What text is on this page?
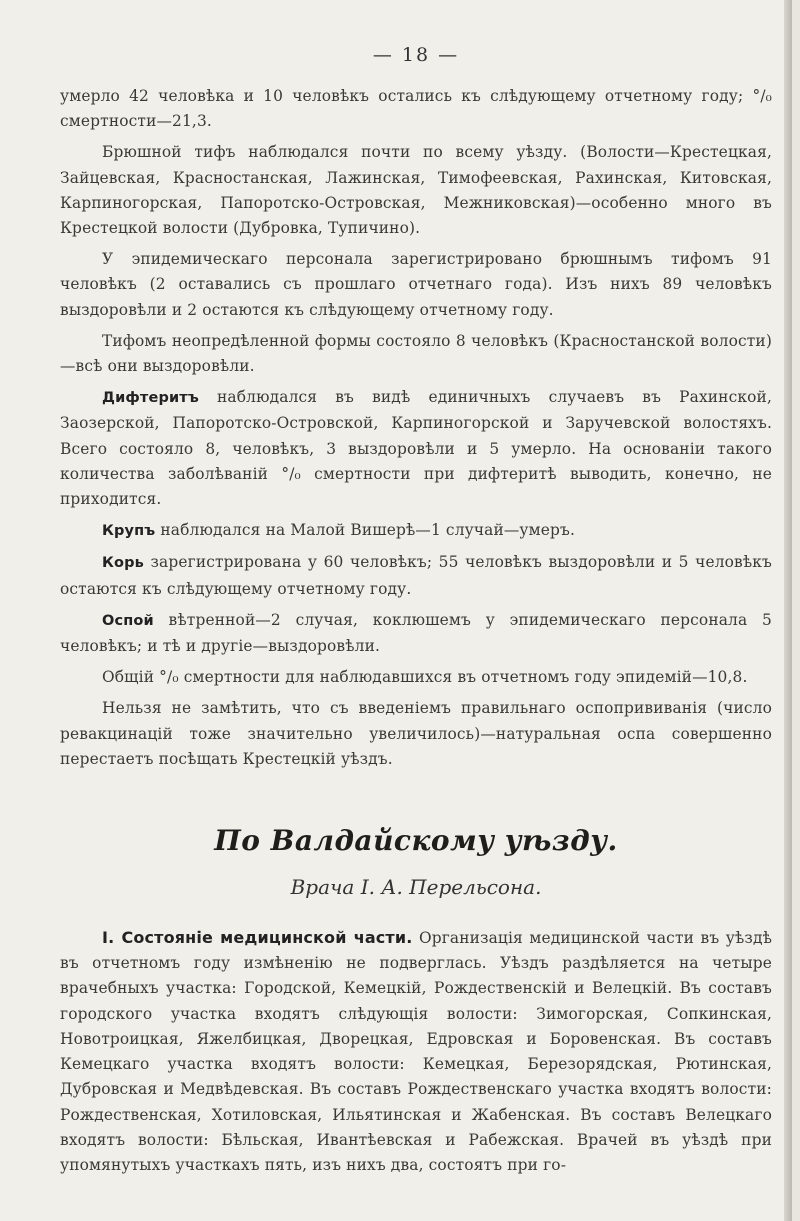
— 18 —

умерло 42 человѣка и 10 человѣкъ остались къ слѣдующему отчетному году; °/₀ смертности—21,3.

Брюшной тифъ наблюдался почти по всему уѣзду. (Волости—Крестецкая, Зайцевская, Красностанская, Лажинская, Тимофеевская, Рахинская, Китовская, Карпиногорская, Папоротско-Островская, Межниковская)—особенно много въ Крестецкой волости (Дубровка, Тупичино).

У эпидемическаго персонала зарегистрировано брюшнымъ тифомъ 91 человѣкъ (2 оставались съ прошлаго отчетнаго года). Изъ нихъ 89 человѣкъ выздоровѣли и 2 остаются къ слѣдующему отчетному году.

Тифомъ неопредѣленной формы состояло 8 человѣкъ (Красностанской волости)—всѣ они выздоровѣли.

Дифтеритъ наблюдался въ видѣ единичныхъ случаевъ въ Рахинской, Заозерской, Папоротско-Островской, Карпиногорской и Заручевской волостяхъ. Всего состояло 8, человѣкъ, 3 выздоровѣли и 5 умерло. На основаніи такого количества заболѣваній °/₀ смертности при дифтеритѣ выводить, конечно, не приходится.

Крупъ наблюдался на Малой Вишерѣ—1 случай—умеръ.

Корь зарегистрирована у 60 человѣкъ; 55 человѣкъ выздоровѣли и 5 человѣкъ остаются къ слѣдующему отчетному году.

Оспой вѣтренной—2 случая, коклюшемъ у эпидемическаго персонала 5 человѣкъ; и тѣ и другіе—выздоровѣли.

Общій °/₀ смертности для наблюдавшихся въ отчетномъ году эпидемій—10,8.

Нельзя не замѣтить, что съ введеніемъ правильнаго оспопрививанія (число ревакцинацій тоже значительно увеличилось)—натуральная оспа совершенно перестаетъ посѣщать Крестецкій уѣздъ.

По Валдайскому уѣзду.
Врача І. А. Перельсона.

І. Состояніе медицинской части. Организація медицинской части въ уѣздѣ въ отчетномъ году измѣненію не подверглась. Уѣздъ раздѣляется на четыре врачебныхъ участка: Городской, Кемецкій, Рождественскій и Велецкій. Въ составъ городского участка входятъ слѣдующія волости: Зимогорская, Сопкинская, Новотроицкая, Яжелбицкая, Дворецкая, Едровская и Боровенская. Въ составъ Кемецкаго участка входятъ волости: Кемецкая, Березорядская, Рютинская, Дубровская и Медвѣдевская. Въ составъ Рождественскаго участка входятъ волости: Рождественская, Хотиловская, Ильятинская и Жабенская. Въ составъ Велецкаго входятъ волости: Бѣльская, Ивантѣевская и Рабежская. Врачей въ уѣздѣ при упомянутыхъ участкахъ пять, изъ нихъ два, состоятъ при го-
